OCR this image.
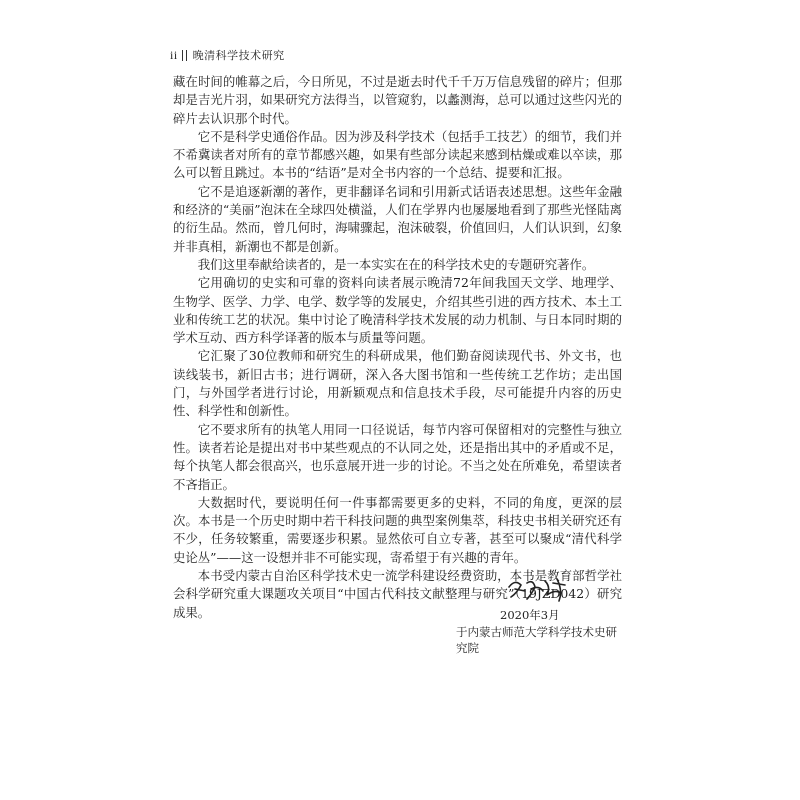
ii 晚清科学技术研究

藏在时间的帷幕之后，今日所见，不过是逝去时代千千万万信息残留的碎片；但那却是吉光片羽，如果研究方法得当，以管窥豹，以蠡测海，总可以通过这些闪光的碎片去认识那个时代。

它不是科学史通俗作品。因为涉及科学技术（包括手工技艺）的细节，我们并不希冀读者对所有的章节都感兴趣，如果有些部分读起来感到枯燥或难以卒读，那么可以暂且跳过。本书的“结语”是对全书内容的一个总结、提要和汇报。

它不是追逐新潮的著作，更非翻译名词和引用新式话语表述思想。这些年金融和经济的“美丽”泡沫在全球四处横溢，人们在学界内也屡屡地看到了那些光怪陆离的衍生品。然而，曾几何时，海啸骤起，泡沫破裂，价值回归，人们认识到，幻象并非真相，新潮也不都是创新。

我们这里奉献给读者的，是一本实实在在的科学技术史的专题研究著作。

它用确切的史实和可靠的资料向读者展示晚清72年间我国天文学、地理学、生物学、医学、力学、电学、数学等的发展史，介绍其些引进的西方技术、本土工业和传统工艺的状况。集中讨论了晚清科学技术发展的动力机制、与日本同时期的学术互动、西方科学译著的版本与质量等问题。

它汇聚了30位教师和研究生的科研成果，他们勤奋阅读现代书、外文书，也读线装书，新旧古书；进行调研，深入各大图书馆和一些传统工艺作坊；走出国门，与外国学者进行讨论，用新颖观点和信息技术手段，尽可能提升内容的历史性、科学性和创新性。

它不要求所有的执笔人用同一口径说话，每节内容可保留相对的完整性与独立性。读者若论是提出对书中某些观点的不认同之处，还是指出其中的矛盾或不足，每个执笔人都会很高兴，也乐意展开进一步的讨论。不当之处在所难免，希望读者不吝指正。

大数据时代，要说明任何一件事都需要更多的史料，不同的角度，更深的层次。本书是一个历史时期中若干科技问题的典型案例集萃，科技史书相关研究还有不少，任务较繁重，需要逐步积累。显然依可自立专著，甚至可以聚成“清代科学史论丛”——这一设想并非不可能实现，寄希望于有兴趣的青年。

本书受内蒙古自治区科学技术史一流学科建设经费资助，本书是教育部哲学社会科学研究重大课题攻关项目“中国古代科技文献整理与研究”（19JZD042）研究成果。	2020年3月
于内蒙古师范大学科学技术史研究院
